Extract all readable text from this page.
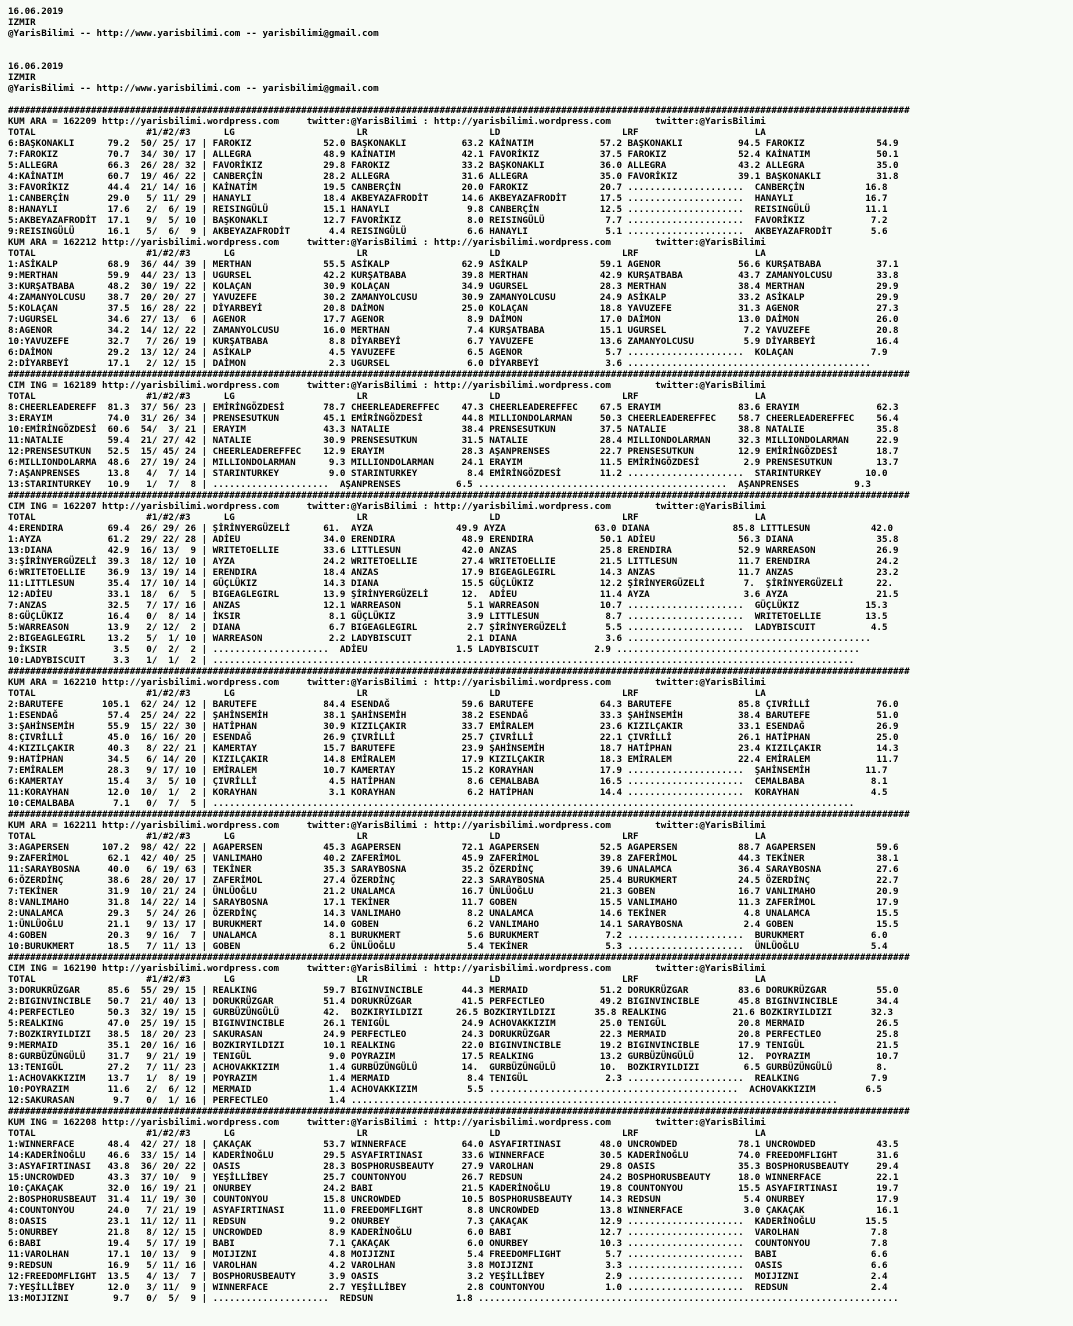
16.06.2019
IZMIR
@YarisBilimi -- http://www.yarisbilimi.com -- yarisbilimi@gmail.com

16.06.2019
IZMIR
@YarisBilimi -- http://www.yarisbilimi.com -- yarisbilimi@gmail.com

###################################################################################################################################################################
KUM ARA = 162209 http://yarisbilimi.wordpress.com     twitter:@YarisBilimi : http://yarisbilimi.wordpress.com        twitter:@YarisBilimi
TOTAL                    #1/#2/#3      LG                      LR                      LD                      LRF                     LA
6:BAŞKONAKLI      79.2  50/ 25/ 17 | FAROKIZ             52.0 BAŞKONAKLI          63.2 KAİNATIM            57.2 BAŞKONAKLI          94.5 FAROKIZ             54.9
7:FAROKIZ         70.7  34/ 30/ 17 | ALLEGRA             48.9 KAİNATIM            42.1 FAVORİKIZ           37.5 FAROKIZ             52.4 KAİNATIM            50.1
5:ALLEGRA         66.3  26/ 28/ 32 | FAVORİKIZ           29.8 FAROKIZ             33.2 BAŞKONAKLI          36.0 ALLEGRA             43.2 ALLEGRA             35.0
4:KAİNATIM        60.7  19/ 46/ 22 | CANBERÇİN           28.2 ALLEGRA             31.6 ALLEGRA             35.0 FAVORİKIZ           39.1 BAŞKONAKLI          31.8
3:FAVORİKIZ       44.4  21/ 14/ 16 | KAİNATİM            19.5 CANBERÇİN           20.0 FAROKIZ             20.7 .....................  CANBERÇİN           16.8
1:CANBERÇİN       29.0   5/ 11/ 29 | HANAYLI             18.4 AKBEYAZAFRODİT      14.6 AKBEYAZAFRODİT      17.5 .....................  HANAYLI             16.7
8:HANAYLI         17.6   2/  6/ 19 | REISINGÜLÜ          15.1 HANAYLI              9.8 CANBERÇİN           12.5 .....................  REISINGÜLÜ          11.1
5:AKBEYAZAFRODİT  17.1   9/  5/ 10 | BAŞKONAKLI          12.7 FAVORİKIZ            8.0 REISINGÜLÜ           7.7 .....................  FAVORİKIZ            7.2
9:REISINGÜLÜ      16.1   5/  6/  9 | AKBEYAZAFRODİT       4.4 REISINGÜLÜ           6.6 HANAYLI              5.1 .....................  AKBEYAZAFRODİT       5.6
KUM ARA = 162212 http://yarisbilimi.wordpress.com     twitter:@YarisBilimi : http://yarisbilimi.wordpress.com        twitter:@YarisBilimi
TOTAL                    #1/#2/#3      LG                      LR                      LD                      LRF                     LA
1:ASİKALP         68.9  36/ 44/ 39 | MERTHAN             55.5 ASİKALP             62.9 ASİKALP             59.1 AGENOR              56.6 KURŞATBABA          37.1
9:MERTHAN         59.9  44/ 23/ 13 | UGURSEL             42.2 KURŞATBABA          39.8 MERTHAN             42.9 KURŞATBABA          43.7 ZAMANYOLCUSU        33.8
3:KURŞATBABA      48.2  30/ 19/ 22 | KOLAÇAN             30.9 KOLAÇAN             34.9 UGURSEL             28.3 MERTHAN             38.4 MERTHAN             29.9
4:ZAMANYOLCUSU    38.7  20/ 20/ 27 | YAVUZEFE            30.2 ZAMANYOLCUSU        30.9 ZAMANYOLCUSU        24.9 ASİKALP             33.2 ASİKALP             29.9
5:KOLAÇAN         37.5  16/ 28/ 22 | DİYARBEYİ           20.8 DAİMON              25.0 KOLAÇAN             18.8 YAVUZEFE            31.3 AGENOR              27.3
7:UGURSEL         34.6  27/ 13/  6 | AGENOR              17.7 AGENOR               8.9 DAİMON              17.0 DAİMON              13.0 DAİMON              26.0
8:AGENOR          34.2  14/ 12/ 22 | ZAMANYOLCUSU        16.0 MERTHAN              7.4 KURŞATBABA          15.1 UGURSEL              7.2 YAVUZEFE            20.8
10:YAVUZEFE       32.7   7/ 26/ 19 | KURŞATBABA           8.8 DİYARBEYİ            6.7 YAVUZEFE            13.6 ZAMANYOLCUSU         5.9 DİYARBEYİ           16.4
6:DAİMON          29.2  13/ 12/ 24 | ASİKALP              4.5 YAVUZEFE             6.5 AGENOR               5.7 .....................  KOLAÇAN              7.9
2:DİYARBEYİ       17.1   2/ 12/ 15 | DAİMON               2.3 UGURSEL              6.0 DİYARBEYİ            3.6 ............................................
###################################################################################################################################################################
CIM ING = 162189 http://yarisbilimi.wordpress.com     twitter:@YarisBilimi : http://yarisbilimi.wordpress.com        twitter:@YarisBilimi
TOTAL                    #1/#2/#3      LG                      LR                      LD                      LRF                     LA
8:CHEERLEADEREFF  81.3  37/ 56/ 23 | EMİRİNGÖZDESİ       78.7 CHEERLEADEREFFEC    47.3 CHEERLEADEREFFEC    67.5 ERAYIM              83.6 ERAYIM              62.3
3:ERAYIM          74.0  31/ 26/ 34 | PRENSESUTKUN        45.1 EMİRİNGÖZDESİ       44.8 MILLIONDOLARMAN     50.3 CHEERLEADEREFFEC    58.7 CHEERLEADEREFFEC    56.4
10:EMİRİNGÖZDESİ  60.6  54/  3/ 21 | ERAYIM              43.3 NATALIE             38.4 PRENSESUTKUN        37.5 NATALIE             38.8 NATALIE             35.8
11:NATALIE        59.4  21/ 27/ 42 | NATALIE             30.9 PRENSESUTKUN        31.5 NATALIE             28.4 MILLIONDOLARMAN     32.3 MILLIONDOLARMAN     22.9
12:PRENSESUTKUN   52.5  15/ 45/ 24 | CHEERLEADEREFFEC    12.9 ERAYIM              28.3 AŞANPRENSES         22.7 PRENSESUTKUN        12.9 EMİRİNGÖZDESİ       18.7
6:MILLIONDOLARMA  48.6  27/ 19/ 24 | MILLIONDOLARMAN      9.3 MILLIONDOLARMAN     24.1 ERAYIM              11.5 EMİRİNGÖZDESİ        2.9 PRENSESUTKUN        13.7
7:AŞANPRENSES     13.8   4/  7/ 14 | STARINTURKEY         9.0 STARINTURKEY         8.4 EMİRİNGÖZDESİ       11.2 .....................  STARINTURKEY        10.0
13:STARINTURKEY   10.9   1/  7/  8 | .....................  AŞANPRENSES          6.5 .............................................  AŞANPRENSES          9.3
###################################################################################################################################################################
CIM ING = 162207 http://yarisbilimi.wordpress.com     twitter:@YarisBilimi : http://yarisbilimi.wordpress.com        twitter:@YarisBilimi
TOTAL                    #1/#2/#3      LG                      LR                      LD                      LRF                     LA
4:ERENDIRA        69.4  26/ 29/ 26 | ŞİRİNYERGÜZELİ      61.  AYZA               49.9 AYZA                63.0 DIANA               85.8 LITTLESUN           42.0
1:AYZA            61.2  29/ 22/ 28 | ADİEU               34.0 ERENDIRA            48.9 ERENDIRA            50.1 ADİEU               56.3 DIANA               35.8
13:DIANA          42.9  16/ 13/  9 | WRITETOELLIE        33.6 LITTLESUN           42.0 ANZAS               25.8 ERENDIRA            52.9 WARREASON           26.9
3:ŞİRİNYERGÜZELİ  39.3  18/ 12/ 10 | AYZA                24.2 WRITETOELLIE        27.4 WRITETOELLIE        21.5 LITTLESUN           11.7 ERENDIRA            24.2
6:WRITETOELLIE    36.9  13/ 19/ 14 | ERENDIRA            18.4 ANZAS               17.9 BIGEAGLEGIRL        14.3 ANZAS               11.7 ANZAS               23.2
11:LITTLESUN      35.4  17/ 10/ 14 | GÜÇLÜKIZ            14.3 DIANA               15.5 GÜÇLÜKIZ            12.2 ŞİRİNYERGÜZELİ       7.  ŞİRİNYERGÜZELİ      22.
12:ADİEU          33.1  18/  6/  5 | BIGEAGLEGIRL        13.9 ŞİRİNYERGÜZELİ      12.  ADİEU               11.4 AYZA                 3.6 AYZA                21.5
7:ANZAS           32.5   7/ 17/ 16 | ANZAS               12.1 WARREASON            5.1 WARREASON           10.7 .....................  GÜÇLÜKIZ            15.3
8:GÜÇLÜKIZ        16.4   0/  8/ 14 | İKSIR                8.1 GÜÇLÜKIZ             3.9 LITTLESUN            8.7 .....................  WRITETOELLIE        13.5
5:WARREASON       13.9   2/ 12/  2 | DIANA                6.7 BIGEAGLEGIRL         2.7 ŞİRİNYERGÜZELİ       5.5 .....................  LADYBISCUIT          4.5
2:BIGEAGLEGIRL    13.2   5/  1/ 10 | WARREASON            2.2 LADYBISCUIT          2.1 DIANA                3.6 ............................................
9:İKSIR            3.5   0/  2/  2 | .....................  ADİEU                1.5 LADYBISCUIT          2.9 ............................................
10:LADYBISCUIT     3.3   1/  1/  2 | ....................................................................................................................
###################################################################################################################################################################
KUM ARA = 162210 http://yarisbilimi.wordpress.com     twitter:@YarisBilimi : http://yarisbilimi.wordpress.com        twitter:@YarisBilimi
TOTAL                    #1/#2/#3      LG                      LR                      LD                      LRF                     LA
2:BARUTEFE       105.1  62/ 24/ 12 | BARUTEFE            84.4 ESENDAĞ             59.6 BARUTEFE            64.3 BARUTEFE            85.8 ÇIVRİLLİ            76.0
1:ESENDAĞ         57.4  25/ 24/ 22 | ŞAHİNSEMİH          38.1 ŞAHİNSEMİH          38.2 ESENDAĞ             33.3 ŞAHİNSEMİH          38.4 BARUTEFE            51.0
3:ŞAHİNSEMİH      55.9  15/ 22/ 30 | HATİPHAN            30.9 KIZILÇAKIR          33.7 EMİRALEM            23.6 KIZILÇAKIR          33.1 ESENDAĞ             26.9
8:ÇIVRİLLİ        45.0  16/ 16/ 20 | ESENDAĞ             26.9 ÇIVRİLLİ            25.7 ÇIVRİLLİ            22.1 ÇIVRİLLİ            26.1 HATİPHAN            25.0
4:KIZILÇAKIR      40.3   8/ 22/ 21 | KAMERTAY            15.7 BARUTEFE            23.9 ŞAHİNSEMİH          18.7 HATİPHAN            23.4 KIZILÇAKIR          14.3
9:HATİPHAN        34.5   6/ 14/ 20 | KIZILÇAKIR          14.8 EMİRALEM            17.9 KIZILÇAKIR          18.3 EMİRALEM            22.4 EMİRALEM            11.7
7:EMİRALEM        28.3   9/ 17/ 10 | EMİRALEM            10.7 KAMERTAY            15.2 KORAYHAN            17.9 .....................  ŞAHİNSEMİH          11.7
6:KAMERTAY        15.4   3/  5/ 10 | ÇIVRİLLİ             4.5 HATİPHAN             8.6 CEMALBABA           16.5 .....................  CEMALBABA            8.1
11:KORAYHAN       12.0  10/  1/  2 | KORAYHAN             3.1 KORAYHAN             6.2 HATİPHAN            14.4 .....................  KORAYHAN             4.5
10:CEMALBABA       7.1   0/  7/  5 | ....................................................................................................................
###################################################################################################################################################################
KUM ARA = 162211 http://yarisbilimi.wordpress.com     twitter:@YarisBilimi : http://yarisbilimi.wordpress.com        twitter:@YarisBilimi
TOTAL                    #1/#2/#3      LG                      LR                      LD                      LRF                     LA
3:AGAPERSEN      107.2  98/ 42/ 22 | AGAPERSEN           45.3 AGAPERSEN           72.1 AGAPERSEN           52.5 AGAPERSEN           88.7 AGAPERSEN           59.6
9:ZAFERİMOL       62.1  42/ 40/ 25 | VANLIMAHO           40.2 ZAFERİMOL           45.9 ZAFERİMOL           39.8 ZAFERİMOL           44.3 TEKİNER             38.1
11:SARAYBOSNA     40.0   6/ 19/ 63 | TEKİNER             35.3 SARAYBOSNA          35.2 ÖZERDİNÇ            39.6 UNALAMCA            36.4 SARAYBOSNA          27.6
6:ÖZERDİNÇ        38.6  28/ 20/ 17 | ZAFERİMOL           27.4 ÖZERDİNÇ            22.3 SARAYBOSNA          25.4 BURUKMERT           24.5 ÖZERDİNÇ            22.7
7:TEKİNER         31.9  10/ 21/ 24 | ÜNLÜOĞLU            21.2 UNALAMCA            16.7 ÜNLÜOĞLU            21.3 GOBEN               16.7 VANLIMAHO           20.9
8:VANLIMAHO       31.8  14/ 22/ 14 | SARAYBOSNA          17.1 TEKİNER             11.7 GOBEN               15.5 VANLIMAHO           11.3 ZAFERİMOL           17.9
2:UNALAMCA        29.3   5/ 24/ 26 | ÖZERDİNÇ            14.3 VANLIMAHO            8.2 UNALAMCA            14.6 TEKİNER              4.8 UNALAMCA            15.5
1:ÜNLÜOĞLU        21.1   9/ 13/ 17 | BURUKMERT           14.0 GOBEN                6.2 VANLIMAHO           14.1 SARAYBOSNA           2.4 GOBEN               15.5
4:GOBEN           20.3   9/ 16/  7 | UNALAMCA             8.1 BURUKMERT            5.6 BURUKMERT            7.2 .....................  BURUKMERT            6.0
10:BURUKMERT      18.5   7/ 11/ 13 | GOBEN                6.2 ÜNLÜOĞLU             5.4 TEKİNER              5.3 .....................  ÜNLÜOĞLU             5.4
###################################################################################################################################################################
CIM ING = 162190 http://yarisbilimi.wordpress.com     twitter:@YarisBilimi : http://yarisbilimi.wordpress.com        twitter:@YarisBilimi
TOTAL                    #1/#2/#3      LG                      LR                      LD                      LRF                     LA
3:DORUKRÜZGAR     85.6  55/ 29/ 15 | REALKING            59.7 BIGINVINCIBLE       44.3 MERMAID             51.2 DORUKRÜZGAR         83.6 DORUKRÜZGAR         55.0
2:BIGINVINCIBLE   50.7  21/ 40/ 13 | DORUKRÜZGAR         51.4 DORUKRÜZGAR         41.5 PERFECTLEO          49.2 BIGINVINCIBLE       45.8 BIGINVINCIBLE       34.4
4:PERFECTLEO      50.3  32/ 19/ 15 | GURBÜZÜNGÜLÜ        42.  BOZKIRYILDIZI      26.5 BOZKIRYILDIZI       35.8 REALKING            21.6 BOZKIRYILDIZI       32.3
5:REALKING        47.0  25/ 19/ 15 | BIGINVINCIBLE       26.1 TENIGÜL             24.9 ACHOVAKKIZIM        25.0 TENIGÜL             20.8 MERMAID             26.5
7:BOZKIRYILDIZI   38.5  18/ 20/ 23 | SAKURASAN           24.9 PERFECTLEO          24.3 DORUKRÜZGAR         22.3 MERMAID             20.8 PERFECTLEO          25.8
9:MERMAID         35.1  20/ 16/ 16 | BOZKIRYILDIZI       10.1 REALKING            22.0 BIGINVINCIBLE       19.2 BIGINVINCIBLE       17.9 TENIGÜL             21.5
8:GURBÜZÜNGÜLÜ    31.7   9/ 21/ 19 | TENIGÜL              9.0 POYRAZIM            17.5 REALKING            13.2 GURBÜZÜNGÜLÜ        12.  POYRAZIM            10.7
13:TENIGÜL        27.2   7/ 11/ 23 | ACHOVAKKIZIM         1.4 GURBÜZÜNGÜLÜ        14.  GURBÜZÜNGÜLÜ        10.  BOZKIRYILDIZI        6.5 GURBÜZÜNGÜLÜ        8.
1:ACHOVAKKIZIM    13.7   1/  8/ 19 | POYRAZIM             1.4 MERMAID              8.4 TENIGÜL              2.3 .....................  REALKING             7.9
10:POYRAZIM       11.6   2/  6/ 12 | MERMAID              1.4 ACHOVAKKIZIM         5.5 .............................................  ACHOVAKKIZIM         6.5
12:SAKURASAN       9.7   0/  1/ 16 | PERFECTLEO           1.4 ........................................................................................
###################################################################################################################################################################
KUM ING = 162208 http://yarisbilimi.wordpress.com     twitter:@YarisBilimi : http://yarisbilimi.wordpress.com        twitter:@YarisBilimi
TOTAL                    #1/#2/#3      LG                      LR                      LD                      LRF                     LA
1:WINNERFACE      48.4  42/ 27/ 18 | ÇAKAÇAK             53.7 WINNERFACE          64.0 ASYAFIRTINASI       48.0 UNCROWDED           78.1 UNCROWDED           43.5
14:KADERİNOĞLU    46.6  33/ 15/ 14 | KADERİNOĞLU         29.5 ASYAFIRTINASI       33.6 WINNERFACE          30.5 KADERİNOĞLU         74.0 FREEDOMFLIGHT       31.6
3:ASYAFIRTINASI   43.8  36/ 20/ 22 | OASIS               28.3 BOSPHORUSBEAUTY     27.9 VAROLHAN            29.8 OASIS               35.3 BOSPHORUSBEAUTY     29.4
15:UNCROWDED      43.3  37/ 10/  9 | YEŞİLLİBEY          25.7 COUNTONYOU          26.7 REDSUN              24.2 BOSPHORUSBEAUTY     18.0 WINNERFACE          22.1
10:ÇAKAÇAK        32.0  16/ 19/ 21 | ONURBEY             24.2 BABI                21.5 KADERİNOĞLU         19.8 COUNTONYOU          15.5 ASYAFIRTINASI       19.7
2:BOSPHORUSBEAUT  31.4  11/ 19/ 30 | COUNTONYOU          15.8 UNCROWDED           10.5 BOSPHORUSBEAUTY     14.3 REDSUN               5.4 ONURBEY             17.9
4:COUNTONYOU      24.0   7/ 21/ 19 | ASYAFIRTINASI       11.0 FREEDOMFLIGHT        8.8 UNCROWDED           13.8 WINNERFACE           3.0 ÇAKAÇAK             16.1
8:OASIS           23.1  11/ 12/ 11 | REDSUN               9.2 ONURBEY              7.3 ÇAKAÇAK             12.9 .....................  KADERİNOĞLU         15.5
5:ONURBEY         21.8   8/ 12/ 15 | UNCROWDED            8.9 KADERİNOĞLU          6.0 BABI                12.7 .....................  VAROLHAN             7.8
6:BABI            19.4   5/ 17/ 19 | BABI                 7.1 ÇAKAÇAK              6.0 ONURBEY             10.3 .....................  COUNTONYOU           7.8
11:VAROLHAN       17.1  10/ 13/  9 | MOIJIZNI             4.8 MOIJIZNI             5.4 FREEDOMFLIGHT        5.7 .....................  BABI                 6.6
9:REDSUN          16.9   5/ 11/ 16 | VAROLHAN             4.2 VAROLHAN             3.8 MOIJIZNI             3.3 .....................  OASIS                6.6
12:FREEDOMFLIGHT  13.5   4/ 13/  7 | BOSPHORUSBEAUTY      3.9 OASIS                3.2 YEŞİLLİBEY           2.9 .....................  MOIJIZNI             2.4
7:YEŞİLLİBEY      12.0   3/ 11/  9 | WINNERFACE           2.7 YEŞİLLİBEY           2.8 COUNTONYOU           1.0 .....................  REDSUN               2.4
13:MOIJIZNI        9.7   0/  5/  9 | .....................  REDSUN               1.8 ............................................................................
